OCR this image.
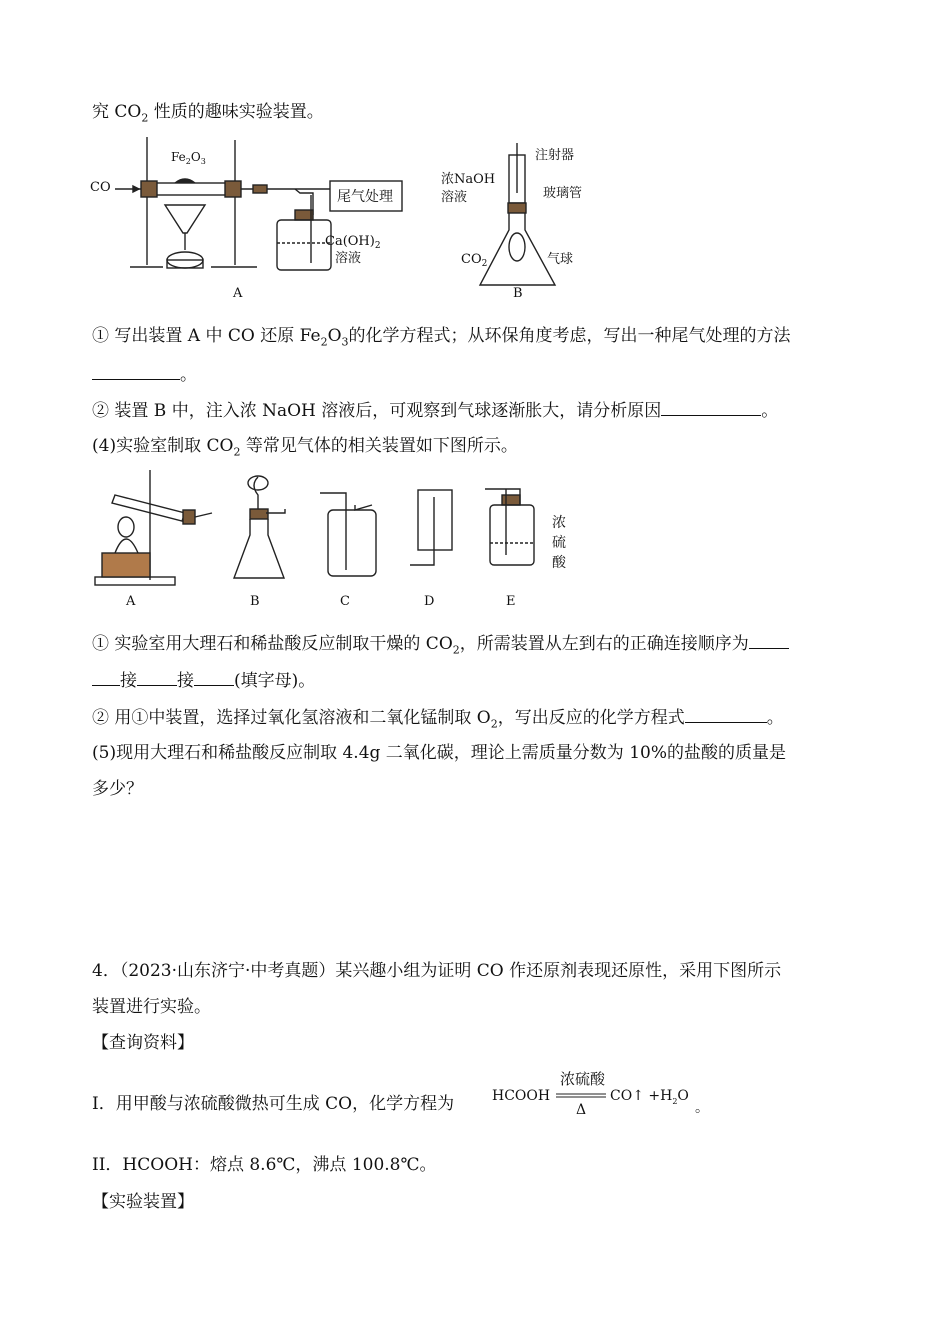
究 $CO_2$ 性质的趣味实验装置。
CO
$Fe_2O_3$
尾气处理
$Ca(OH)_2$
溶液
A
浓NaOH
溶液
注射器
玻璃管
$CO_2$	气球
B
① 写出装置 A 中 CO 还原 $Fe_2O_3$的化学方程式；从环保角度考虑，写出一种尾气处理的方法
。
② 装置 B 中，注入浓 NaOH 溶液后，可观察到气球逐渐胀大，请分析原因	。
(4)实验室制取 $CO_2$ 等常见气体的相关装置如下图所示。
A	B	C	D	E
浓
硫
酸
① 实验室用大理石和稀盐酸反应制取干燥的 $CO_2$，所需装置从左到右的正确连接顺序为
接 接 (填字母)。
② 用①中装置，选择过氧化氢溶液和二氧化锰制取 $O_2$，写出反应的化学方程式	。
(5)现用大理石和稀盐酸反应制取 4.4g 二氧化碳，理论上需质量分数为 10%的盐酸的质量是
多少？
4．（2023·山东济宁·中考真题）某兴趣小组为证明 CO 作还原剂表现还原性，采用下图所示
装置进行实验。
【查询资料】
I．用甲酸与浓硫酸微热可生成 CO，化学方程为	HCOOH
浓硫酸
Δ
CO↑ $+H_2O$
。
II．HCOOH：熔点 8.6℃，沸点 100.8℃。
【实验装置】
